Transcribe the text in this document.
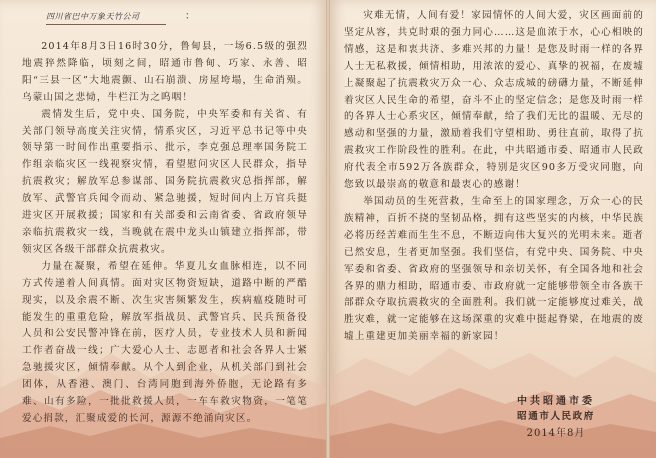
四川省巴中万象天竹公司	：

2014年8月3日16时30分，鲁甸县，一场6.5级的强烈地震猝然降临，顷刻之间，昭通市鲁甸、巧家、永善、昭阳“三县一区”大地震颤、山石崩溃、房屋垮塌，生命消殒。乌蒙山国之悲恸，牛栏江为之呜咽！

震情发生后，党中央、国务院，中央军委和有关省、有关部门领导高度关注灾情，情系灾区，习近平总书记等中央领导第一时间作出重要指示、批示，李克强总理率国务院工作组亲临灾区一线视察灾情，看望慰问灾区人民群众，指导抗震救灾；解放军总参谋部、国务院抗震救灾总指挥部，解放军、武警官兵闻令而动、紧急驰援，短时间内上万官兵挺进灾区开展救援；国家和有关部委和云南省委、省政府领导亲临抗震救灾一线，当晚就在震中龙头山镇建立指挥部，带领灾区各级干部群众抗震救灾。

力量在凝聚，希望在延伸。华夏儿女血脉相连，以不同方式传递着人间真情。面对灾区物资短缺，道路中断的严酷现实，以及余震不断、次生灾害频繁发生，疾病瘟疫随时可能发生的重重危险，解放军指战员、武警官兵、民兵预备役人员和公安民警冲锋在前，医疗人员，专业技术人员和新闻工作者奋战一线；广大爱心人士、志愿者和社会各界人士紧急驰援灾区，倾情奉献。从个人到企业，从机关部门到社会团体，从香港、澳门、台湾同胞到海外侨胞，无论路有多难、山有多险，一批批救援人员，一车车救灾物资，一笔笔爱心捐款，汇聚成爱的长河，源源不绝涌向灾区。

灾难无情，人间有爱！家园情怀的人间大爱，灾区画面前的坚定从容，共克时艰的强力同心……这是血浓于水，心心相映的情感，这是和衷共济、多难兴邦的力量！是您及时雨一样的各界人士无私救援，倾情相助，用浓浓的爱心、真挚的祝福，在废墟上凝聚起了抗震救灾万众一心、众志成城的磅礴力量，不断延伸着灾区人民生命的希望，奋斗不止的坚定信念；是您及时雨一样的各界人士心系灾区，倾情奉献，给了我们无比的温暖、无尽的感动和坚强的力量，激励着我们守望相助、勇往直前，取得了抗震救灾工作阶段性的胜利。在此，中共昭通市委、昭通市人民政府代表全市592万各族群众，特别是灾区90多万受灾同胞，向您致以最崇高的敬意和最衷心的感谢！

举国动员的生死营救，生命至上的国家理念，万众一心的民族精神，百折不挠的坚韧品格，拥有这些坚实的内核，中华民族必将历经苦难而生生不息，不断迈向伟大复兴的光明未来。逝者已然安息，生者更加坚强。我们坚信，有党中央、国务院、中央军委和省委、省政府的坚强领导和亲切关怀，有全国各地和社会各界的鼎力相助，昭通市委、市政府就一定能够带领全市各族干部群众夺取抗震救灾的全面胜利。我们就一定能够度过难关，战胜灾难，就一定能够在这场深重的灾难中挺起脊梁，在地震的废墟上重建更加美丽幸福的新家园！

中共昭通市委
昭通市人民政府
2014年8月
